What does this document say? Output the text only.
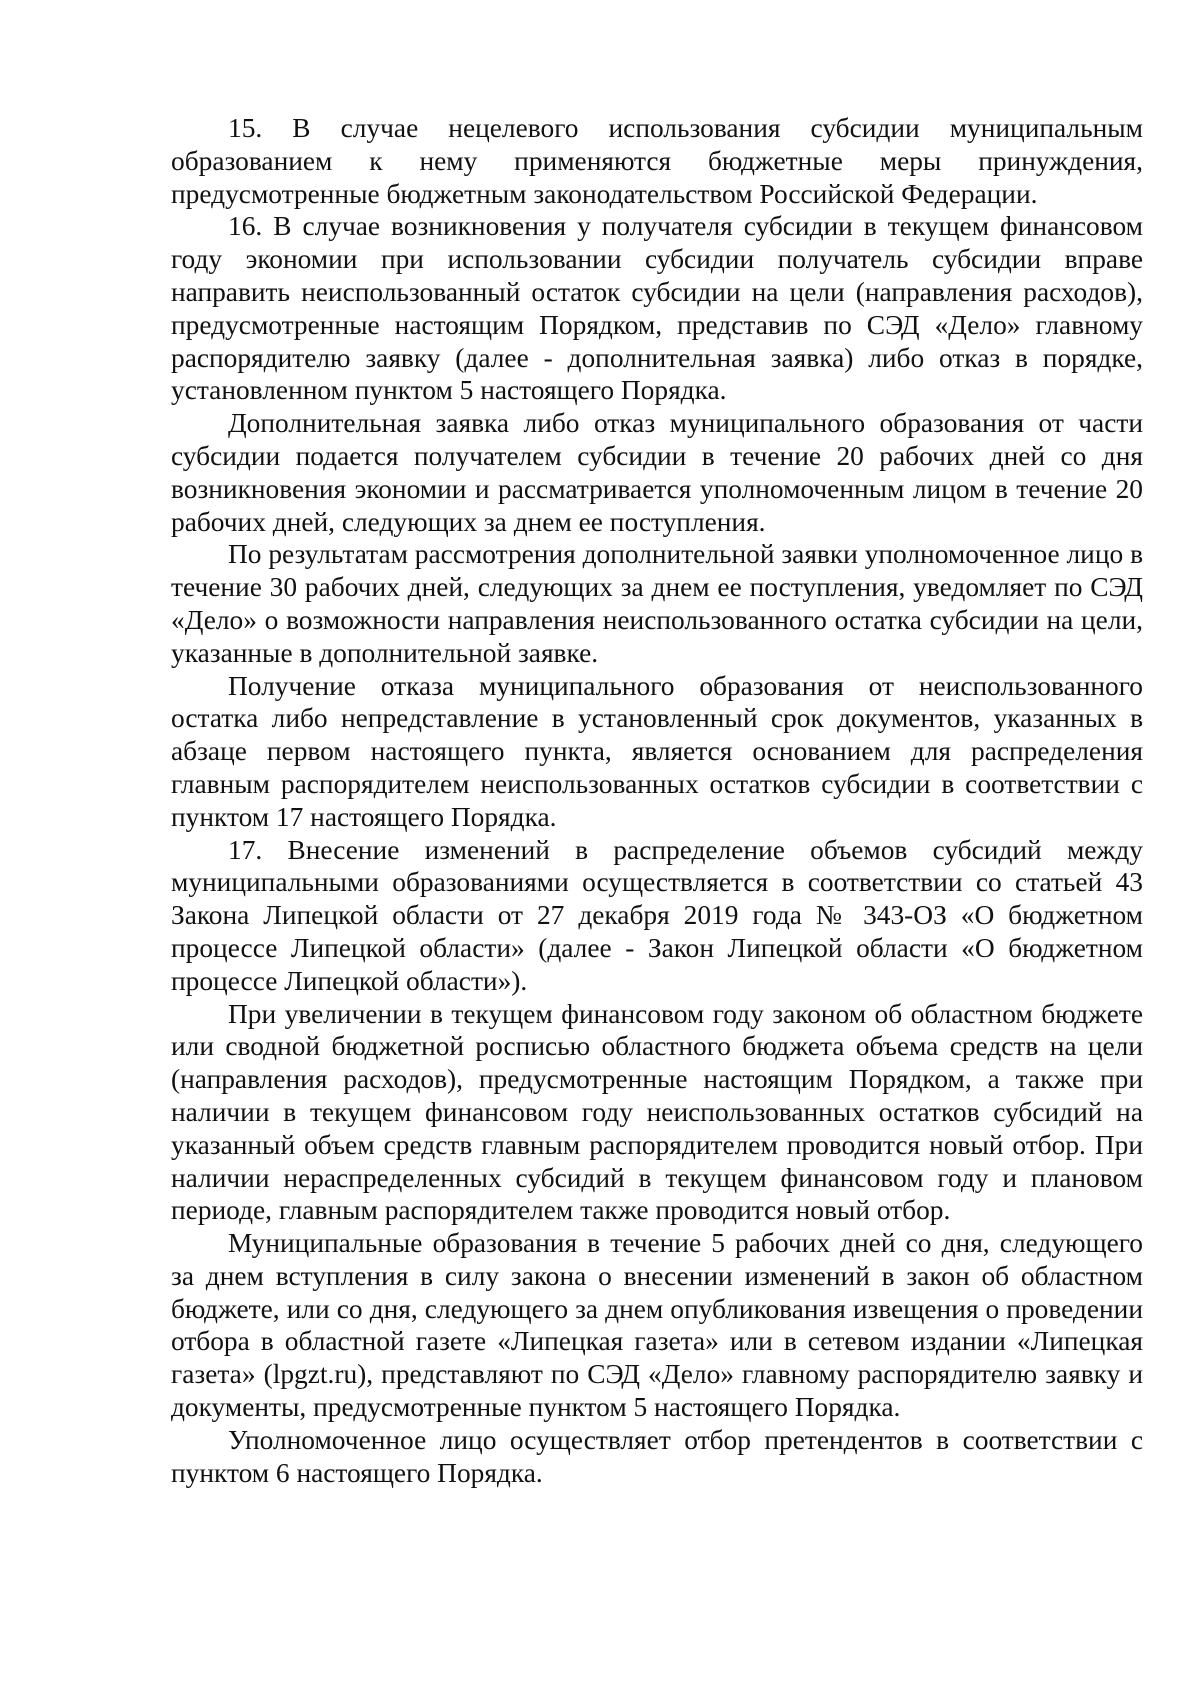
15. В случае нецелевого использования субсидии муниципальным образованием к нему применяются бюджетные меры принуждения, предусмотренные бюджетным законодательством Российской Федерации.

16. В случае возникновения у получателя субсидии в текущем финансовом году экономии при использовании субсидии получатель субсидии вправе направить неиспользованный остаток субсидии на цели (направления расходов), предусмотренные настоящим Порядком, представив по СЭД «Дело» главному распорядителю заявку (далее - дополнительная заявка) либо отказ в порядке, установленном пунктом 5 настоящего Порядка.

Дополнительная заявка либо отказ муниципального образования от части субсидии подается получателем субсидии в течение 20 рабочих дней со дня возникновения экономии и рассматривается уполномоченным лицом в течение 20 рабочих дней, следующих за днем ее поступления.

По результатам рассмотрения дополнительной заявки уполномоченное лицо в течение 30 рабочих дней, следующих за днем ее поступления, уведомляет по СЭД «Дело» о возможности направления неиспользованного остатка субсидии на цели, указанные в дополнительной заявке.

Получение отказа муниципального образования от неиспользованного остатка либо непредставление в установленный срок документов, указанных в абзаце первом настоящего пункта, является основанием для распределения главным распорядителем неиспользованных остатков субсидии в соответствии с пунктом 17 настоящего Порядка.

17. Внесение изменений в распределение объемов субсидий между муниципальными образованиями осуществляется в соответствии со статьей 43 Закона Липецкой области от 27 декабря 2019 года № 343-ОЗ «О бюджетном процессе Липецкой области» (далее - Закон Липецкой области «О бюджетном процессе Липецкой области»).

При увеличении в текущем финансовом году законом об областном бюджете или сводной бюджетной росписью областного бюджета объема средств на цели (направления расходов), предусмотренные настоящим Порядком, а также при наличии в текущем финансовом году неиспользованных остатков субсидий на указанный объем средств главным распорядителем проводится новый отбор. При наличии нераспределенных субсидий в текущем финансовом году и плановом периоде, главным распорядителем также проводится новый отбор.

Муниципальные образования в течение 5 рабочих дней со дня, следующего за днем вступления в силу закона о внесении изменений в закон об областном бюджете, или со дня, следующего за днем опубликования извещения о проведении отбора в областной газете «Липецкая газета» или в сетевом издании «Липецкая газета» (lpgzt.ru), представляют по СЭД «Дело» главному распорядителю заявку и документы, предусмотренные пунктом 5 настоящего Порядка.

Уполномоченное лицо осуществляет отбор претендентов в соответствии с пунктом 6 настоящего Порядка.
